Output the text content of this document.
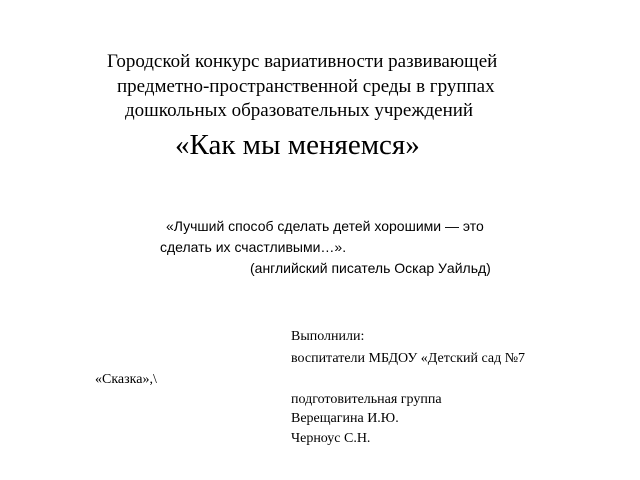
Городской конкурс вариативности развивающей
предметно-пространственной среды в группах
дошкольных образовательных учреждений
«Как мы меняемся»
«Лучший способ сделать детей хорошими — это
сделать их счастливыми…».
(английский писатель Оскар Уайльд)
Выполнили:
воспитатели МБДОУ «Детский сад №7
«Сказка»,\
подготовительная группа
Верещагина И.Ю.
Черноус С.Н.
